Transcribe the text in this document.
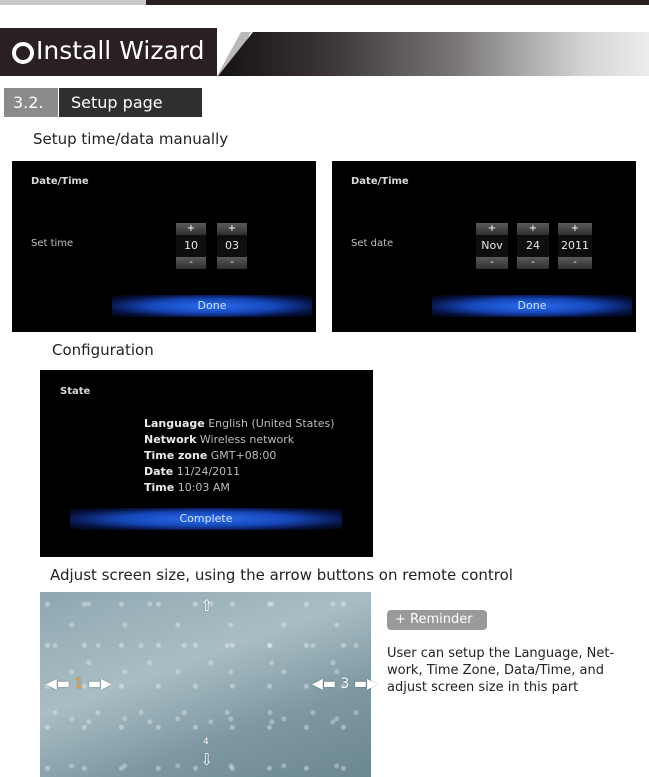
Install Wizard
3.2.	Setup page
Setup time/data manually
Date/Time
Set time
+
10
-
+
03
-
Done
Date/Time
Set date
+
Nov
-
+
24
-
+
2011
-
Done
Configuration
State
Language English (United States)
Network Wireless network
Time zone GMT+08:00
Date 11/24/2011
Time 10:03 AM
Complete
Adjust screen size, using the arrow buttons on remote control
⇧
⇩
◀▬ 1 ▬▶	◀▬ 3 ▬▶
4
+ Reminder
User can setup the Language, Net-work, Time Zone, Data/Time, and adjust screen size in this part
